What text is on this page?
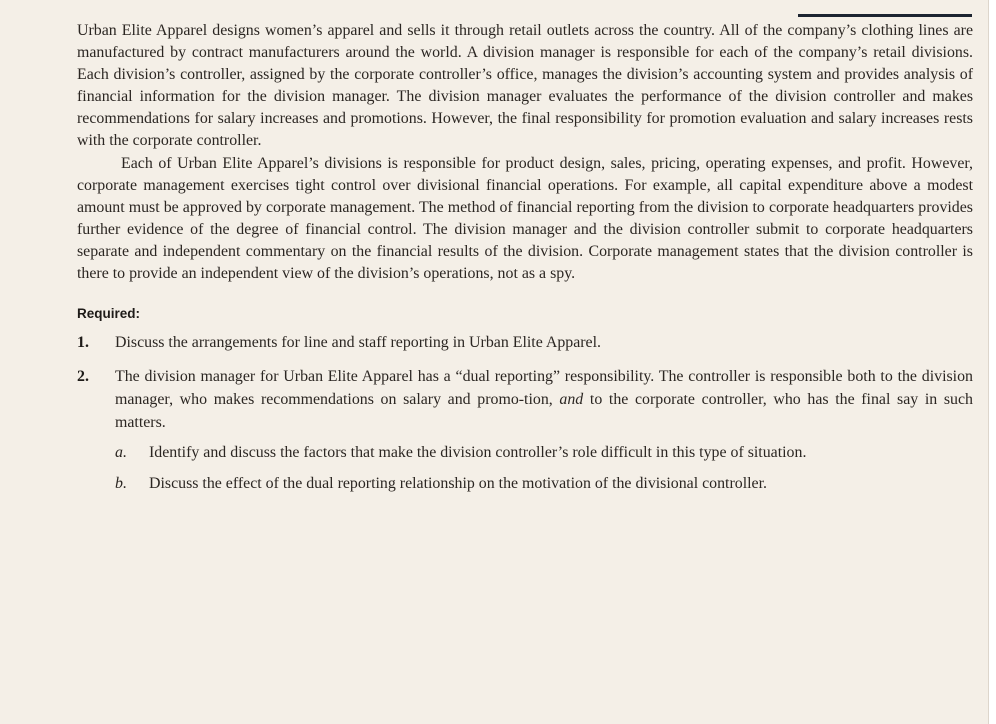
Urban Elite Apparel designs women’s apparel and sells it through retail outlets across the country. All of the company’s clothing lines are manufactured by contract manufacturers around the world. A division manager is responsible for each of the company’s retail divisions. Each division’s controller, assigned by the corporate controller’s office, manages the division’s accounting system and provides analysis of financial information for the division manager. The division manager evaluates the performance of the division controller and makes recommendations for salary increases and promotions. However, the final responsibility for promotion evaluation and salary increases rests with the corporate controller.

Each of Urban Elite Apparel’s divisions is responsible for product design, sales, pricing, operating expenses, and profit. However, corporate management exercises tight control over divisional financial operations. For example, all capital expenditure above a modest amount must be approved by corporate management. The method of financial reporting from the division to corporate headquarters provides further evidence of the degree of financial control. The division manager and the division controller submit to corporate headquarters separate and independent commentary on the financial results of the division. Corporate management states that the division controller is there to provide an independent view of the division’s operations, not as a spy.

Required:
1.	Discuss the arrangements for line and staff reporting in Urban Elite Apparel.
2.	The division manager for Urban Elite Apparel has a “dual reporting” responsibility. The controller is responsible both to the division manager, who makes recommendations on salary and promo-tion, and to the corporate controller, who has the final say in such matters.
a.	Identify and discuss the factors that make the division controller’s role difficult in this type of situation.
b.	Discuss the effect of the dual reporting relationship on the motivation of the divisional controller.
